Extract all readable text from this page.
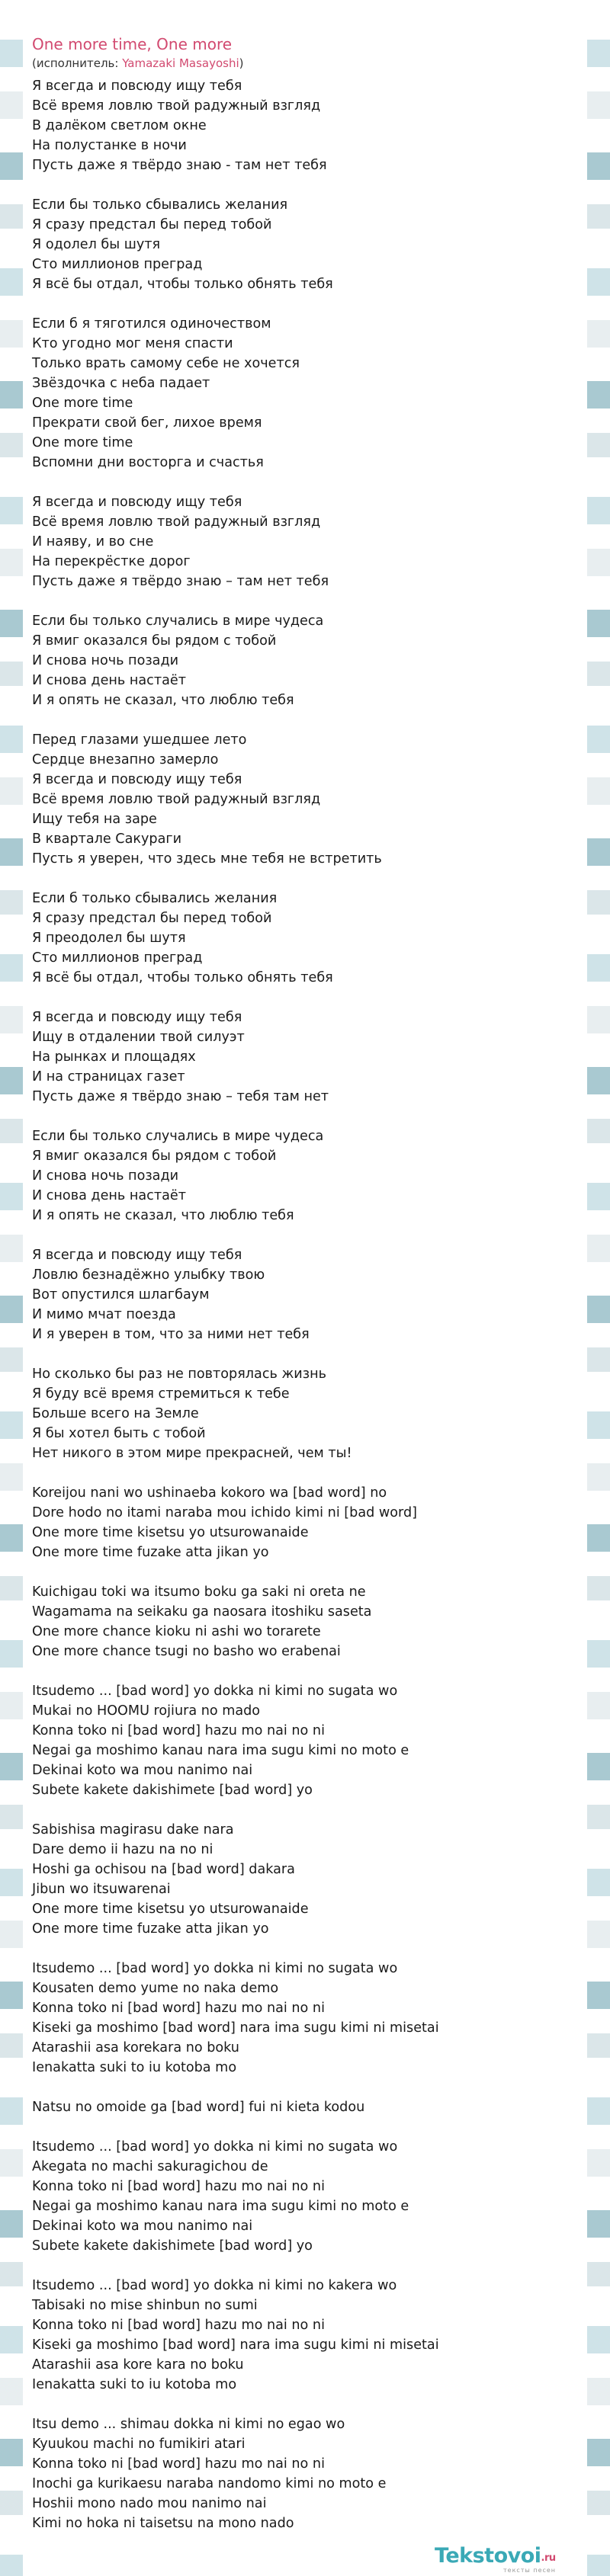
One more time, One more
(исполнитель: Yamazaki Masayoshi)
Я всегда и повсюду ищу тебя
Всё время ловлю твой радужный взгляд
В далёком светлом окне
На полустанке в ночи
Пусть даже я твёрдо знаю - там нет тебя
Если бы только сбывались желания
Я сразу предстал бы перед тобой
Я одолел бы шутя
Сто миллионов преград
Я всё бы отдал, чтобы только обнять тебя
Если б я тяготился одиночеством
Кто угодно мог меня спасти
Только врать самому себе не хочется
Звёздочка с неба падает
One more time
Прекрати свой бег, лихое время
One more time
Вспомни дни восторга и счастья
Я всегда и повсюду ищу тебя
Всё время ловлю твой радужный взгляд
И наяву, и во сне
На перекрёстке дорог
Пусть даже я твёрдо знаю – там нет тебя
Если бы только случались в мире чудеса
Я вмиг оказался бы рядом с тобой
И снова ночь позади
И снова день настаёт
И я опять не сказал, что люблю тебя
Перед глазами ушедшее лето
Сердце внезапно замерло
Я всегда и повсюду ищу тебя
Всё время ловлю твой радужный взгляд
Ищу тебя на заре
В квартале Сакураги
Пусть я уверен, что здесь мне тебя не встретить
Если б только сбывались желания
Я сразу предстал бы перед тобой
Я преодолел бы шутя
Сто миллионов преград
Я всё бы отдал, чтобы только обнять тебя
Я всегда и повсюду ищу тебя
Ищу в отдалении твой силуэт
На рынках и площадях
И на страницах газет
Пусть даже я твёрдо знаю – тебя там нет
Если бы только случались в мире чудеса
Я вмиг оказался бы рядом с тобой
И снова ночь позади
И снова день настаёт
И я опять не сказал, что люблю тебя
Я всегда и повсюду ищу тебя
Ловлю безнадёжно улыбку твою
Вот опустился шлагбаум
И мимо мчат поезда
И я уверен в том, что за ними нет тебя
Но сколько бы раз не повторялась жизнь
Я буду всё время стремиться к тебе
Больше всего на Земле
Я бы хотел быть с тобой
Нет никого в этом мире прекрасней, чем ты!
Koreijou nani wo ushinaeba kokoro wa [bad word] no
Dore hodo no itami naraba mou ichido kimi ni [bad word]
One more time kisetsu yo utsurowanaide
One more time fuzake atta jikan yo
Kuichigau toki wa itsumo boku ga saki ni oreta ne
Wagamama na seikaku ga naosara itoshiku saseta
One more chance kioku ni ashi wo torarete
One more chance tsugi no basho wo erabenai
Itsudemo ... [bad word] yo dokka ni kimi no sugata wo
Mukai no HOOMU rojiura no mado
Konna toko ni [bad word] hazu mo nai no ni
Negai ga moshimo kanau nara ima sugu kimi no moto e
Dekinai koto wa mou nanimo nai
Subete kakete dakishimete [bad word] yo
Sabishisa magirasu dake nara
Dare demo ii hazu na no ni
Hoshi ga ochisou na [bad word] dakara
Jibun wo itsuwarenai
One more time kisetsu yo utsurowanaide
One more time fuzake atta jikan yo
Itsudemo ... [bad word] yo dokka ni kimi no sugata wo
Kousaten demo yume no naka demo
Konna toko ni [bad word] hazu mo nai no ni
Kiseki ga moshimo [bad word] nara ima sugu kimi ni misetai
Atarashii asa korekara no boku
Ienakatta suki to iu kotoba mo
Natsu no omoide ga [bad word] fui ni kieta kodou
Itsudemo ... [bad word] yo dokka ni kimi no sugata wo
Akegata no machi sakuragichou de
Konna toko ni [bad word] hazu mo nai no ni
Negai ga moshimo kanau nara ima sugu kimi no moto e
Dekinai koto wa mou nanimo nai
Subete kakete dakishimete [bad word] yo
Itsudemo ... [bad word] yo dokka ni kimi no kakera wo
Tabisaki no mise shinbun no sumi
Konna toko ni [bad word] hazu mo nai no ni
Kiseki ga moshimo [bad word] nara ima sugu kimi ni misetai
Atarashii asa kore kara no boku
Ienakatta suki to iu kotoba mo
Itsu demo ... shimau dokka ni kimi no egao wo
Kyuukou machi no fumikiri atari
Konna toko ni [bad word] hazu mo nai no ni
Inochi ga kurikaesu naraba nandomo kimi no moto e
Hoshii mono nado mou nanimo nai
Kimi no hoka ni taisetsu na mono nado
Tekstovoi.ru
тексты песен
